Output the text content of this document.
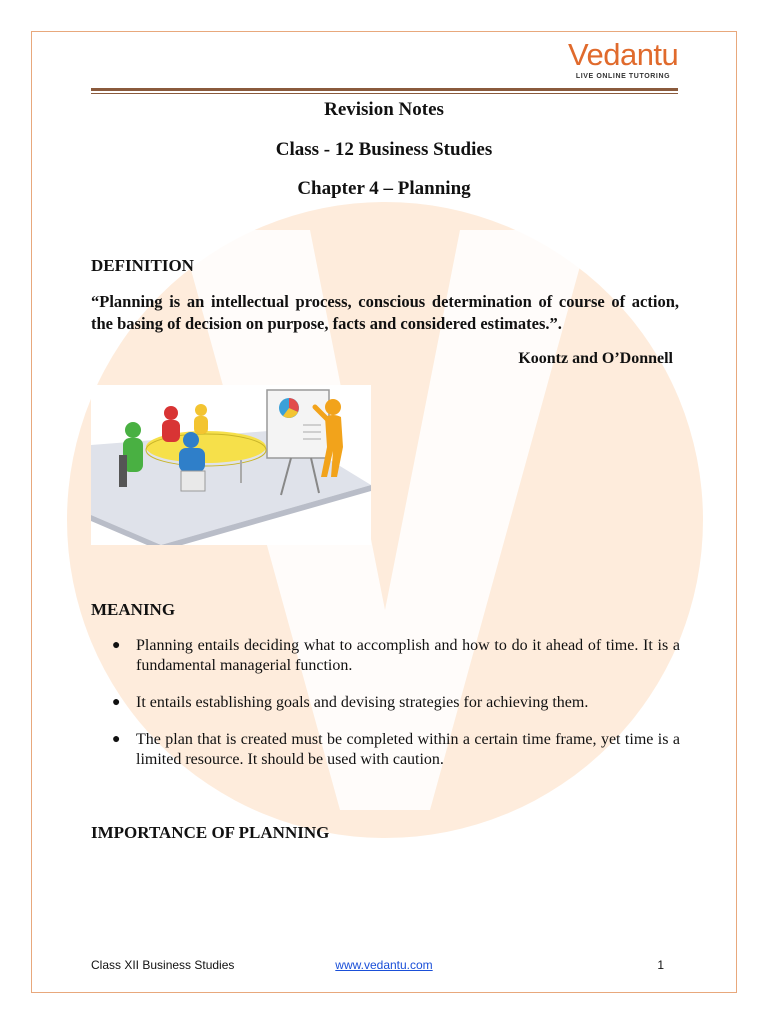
Vedantu
LIVE ONLINE TUTORING
Revision Notes
Class - 12 Business Studies
Chapter 4 – Planning
DEFINITION
“Planning is an intellectual process, conscious determination of course of action, the basing of decision on purpose, facts and considered estimates.”.
Koontz and O’Donnell
MEANING
● Planning entails deciding what to accomplish and how to do it ahead of time. It is a fundamental managerial function.
● It entails establishing goals and devising strategies for achieving them.
● The plan that is created must be completed within a certain time frame, yet time is a limited resource. It should be used with caution.
IMPORTANCE OF PLANNING
Class XII Business Studies	www.vedantu.com	1
